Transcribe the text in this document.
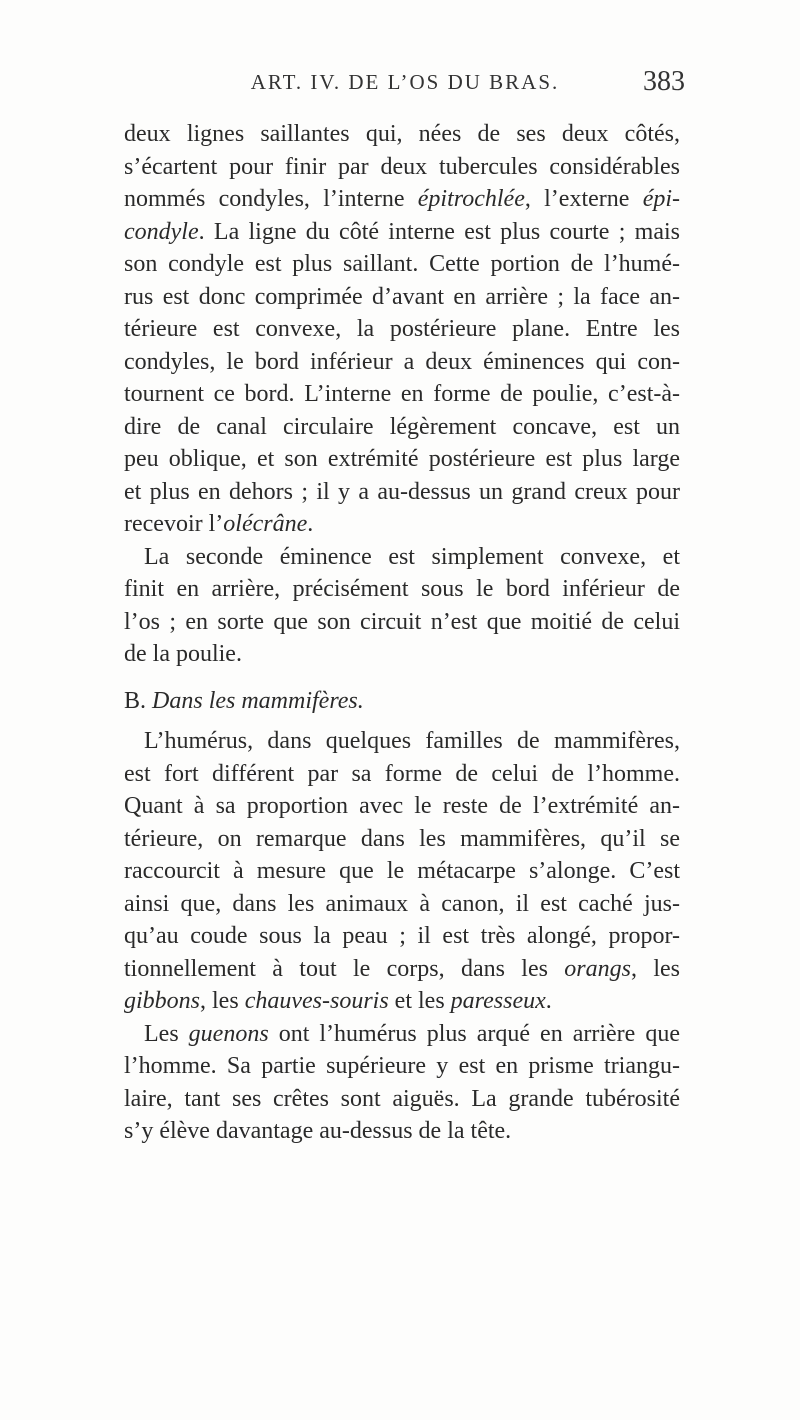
ART. IV. DE L’OS DU BRAS.	383
deux lignes saillantes qui, nées de ses deux côtés,
s’écartent pour finir par deux tubercules considérables
nommés condyles, l’interne épitrochlée, l’externe épi-
condyle. La ligne du côté interne est plus courte ; mais
son condyle est plus saillant. Cette portion de l’humé-
rus est donc comprimée d’avant en arrière ; la face an-
térieure est convexe, la postérieure plane. Entre les
condyles, le bord inférieur a deux éminences qui con-
tournent ce bord. L’interne en forme de poulie, c’est-à-
dire de canal circulaire légèrement concave, est un
peu oblique, et son extrémité postérieure est plus large
et plus en dehors ; il y a au-dessus un grand creux pour
recevoir l’olécrâne.
La seconde éminence est simplement convexe, et
finit en arrière, précisément sous le bord inférieur de
l’os ; en sorte que son circuit n’est que moitié de celui
de la poulie.
B. Dans les mammifères.
L’humérus, dans quelques familles de mammifères,
est fort différent par sa forme de celui de l’homme.
Quant à sa proportion avec le reste de l’extrémité an-
térieure, on remarque dans les mammifères, qu’il se
raccourcit à mesure que le métacarpe s’alonge. C’est
ainsi que, dans les animaux à canon, il est caché jus-
qu’au coude sous la peau ; il est très alongé, propor-
tionnellement à tout le corps, dans les orangs, les
gibbons, les chauves-souris et les paresseux.
Les guenons ont l’humérus plus arqué en arrière que
l’homme. Sa partie supérieure y est en prisme triangu-
laire, tant ses crêtes sont aiguës. La grande tubérosité
s’y élève davantage au-dessus de la tête.
